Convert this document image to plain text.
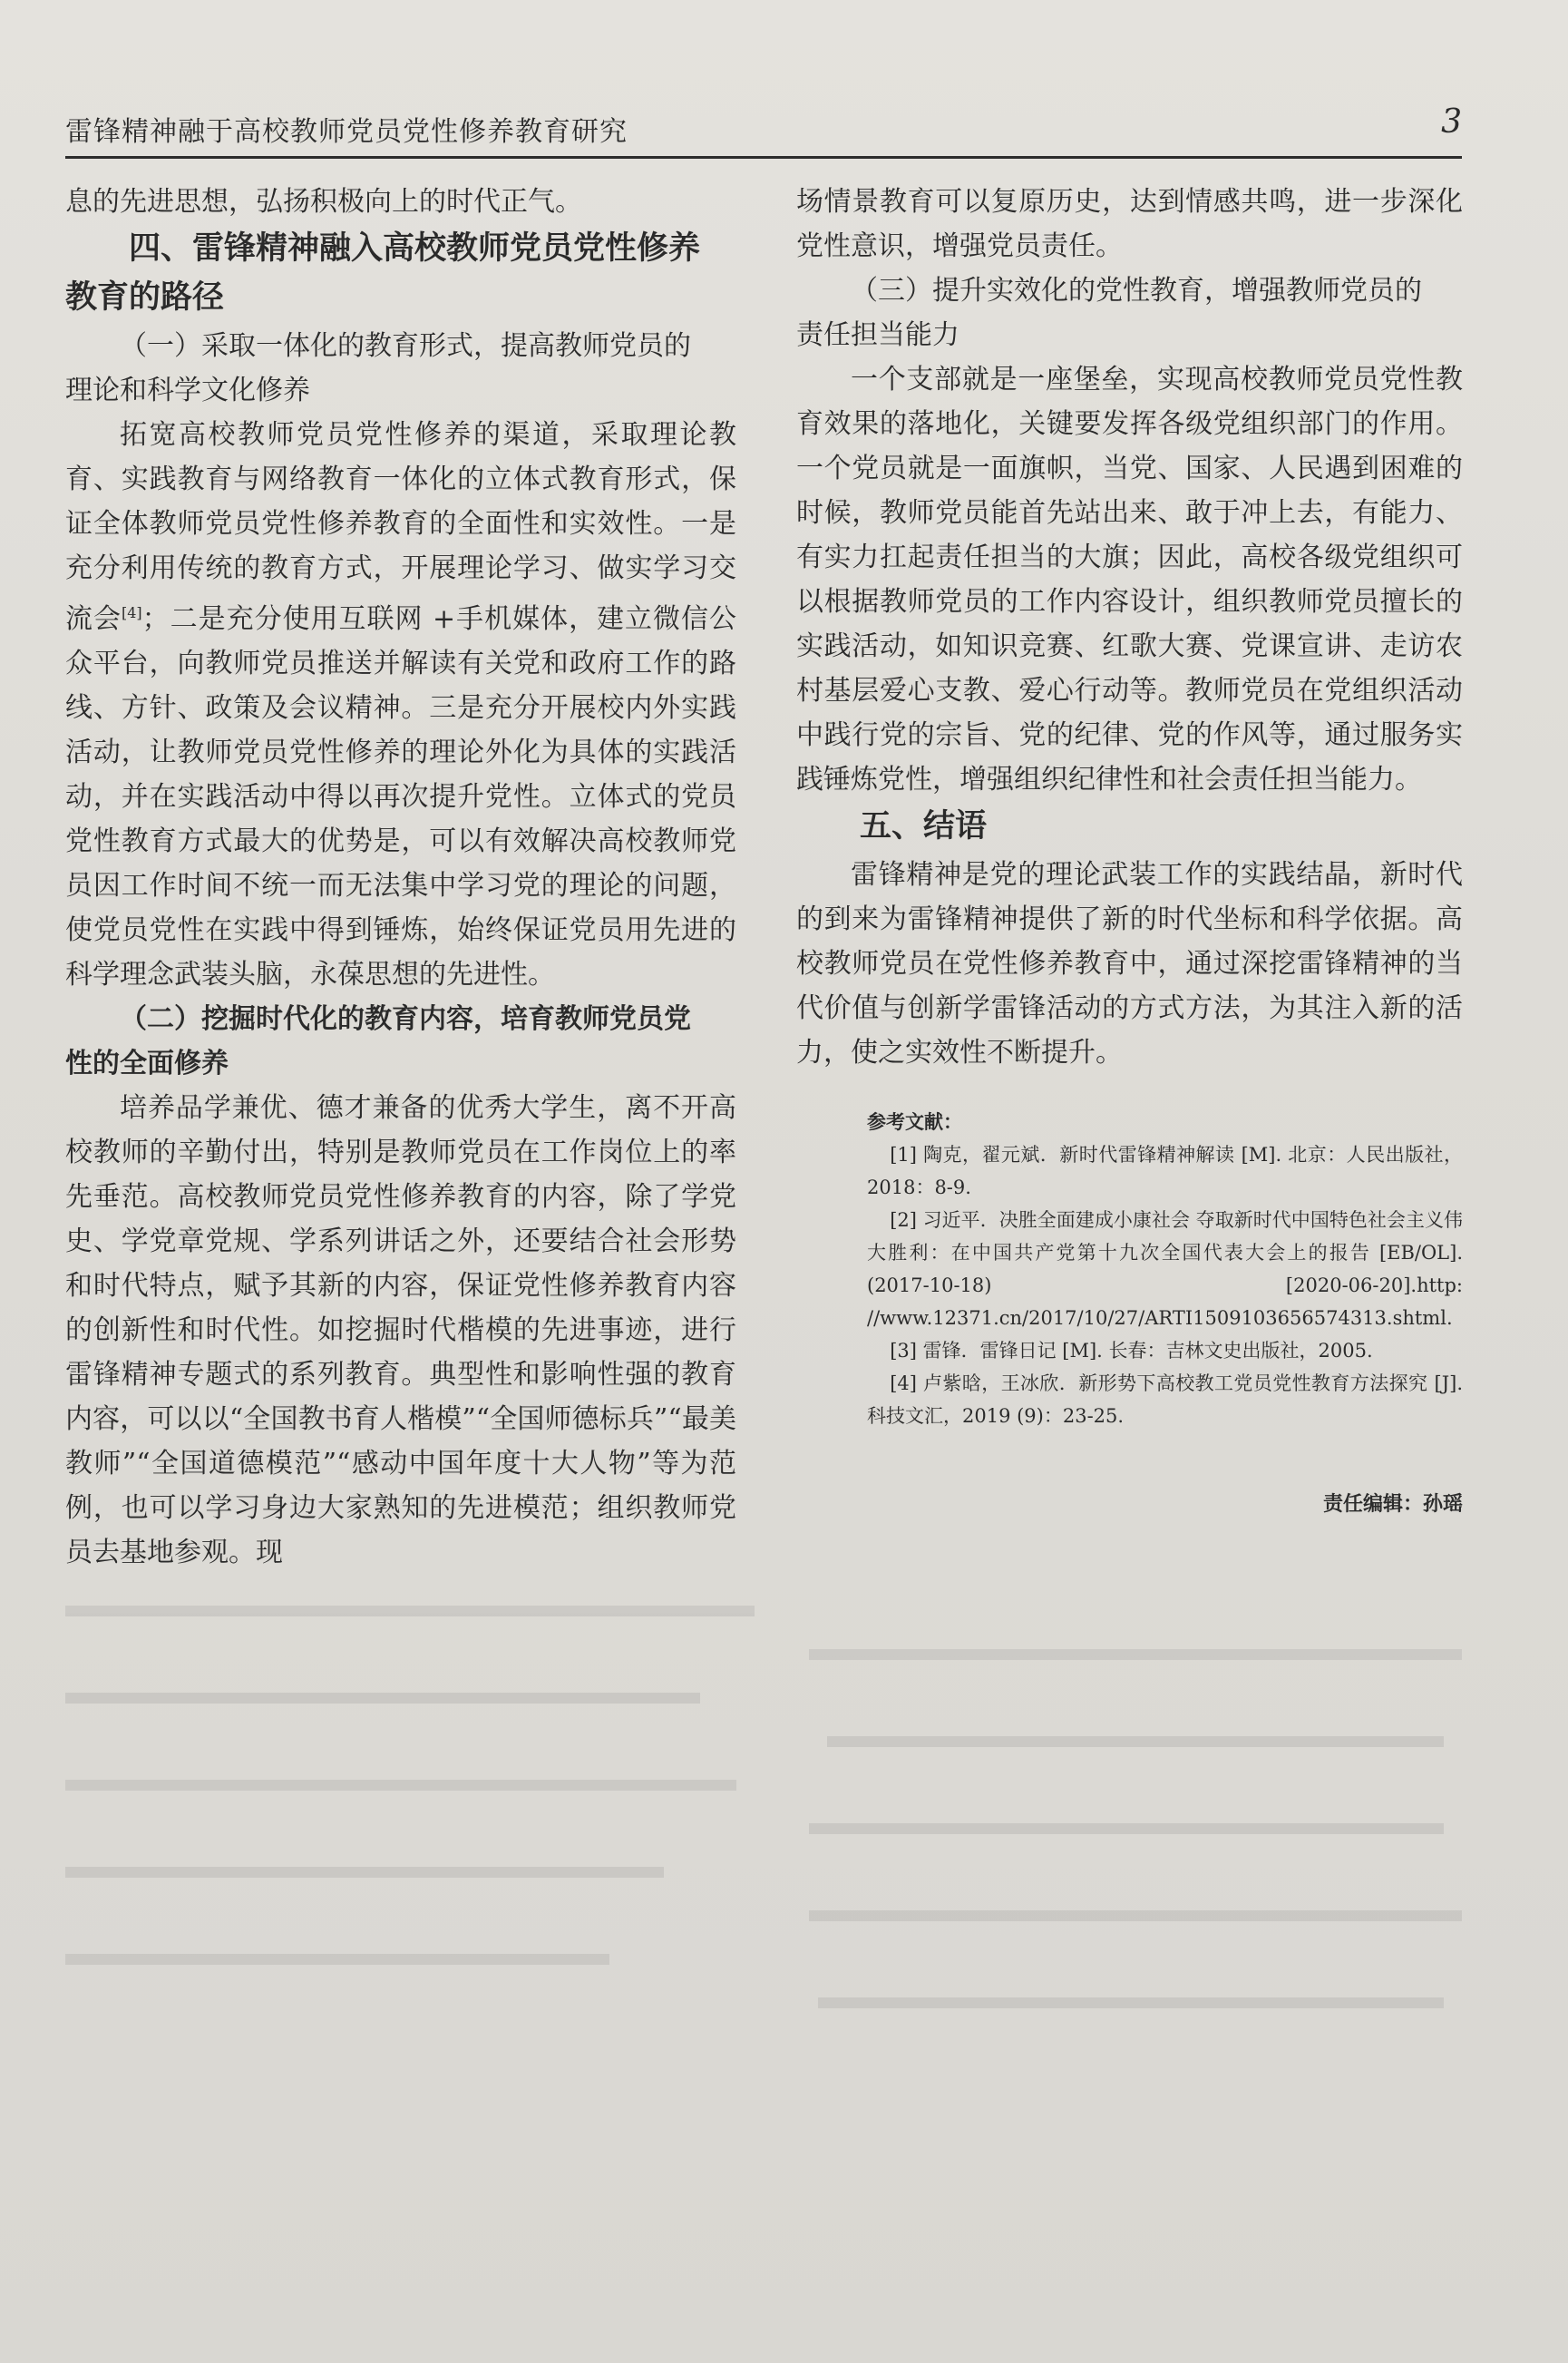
雷锋精神融于高校教师党员党性修养教育研究	3

息的先进思想，弘扬积极向上的时代正气。

四、雷锋精神融入高校教师党员党性修养

教育的路径

（一）采取一体化的教育形式，提高教师党员的

理论和科学文化修养

拓宽高校教师党员党性修养的渠道，采取理论教育、实践教育与网络教育一体化的立体式教育形式，保证全体教师党员党性修养教育的全面性和实效性。一是充分利用传统的教育方式，开展理论学习、做实学习交流会[4]；二是充分使用互联网 +手机媒体，建立微信公众平台，向教师党员推送并解读有关党和政府工作的路线、方针、政策及会议精神。三是充分开展校内外实践活动，让教师党员党性修养的理论外化为具体的实践活动，并在实践活动中得以再次提升党性。立体式的党员党性教育方式最大的优势是，可以有效解决高校教师党员因工作时间不统一而无法集中学习党的理论的问题，使党员党性在实践中得到锤炼，始终保证党员用先进的科学理念武装头脑，永葆思想的先进性。

（二）挖掘时代化的教育内容，培育教师党员党

性的全面修养

培养品学兼优、德才兼备的优秀大学生，离不开高校教师的辛勤付出，特别是教师党员在工作岗位上的率先垂范。高校教师党员党性修养教育的内容，除了学党史、学党章党规、学系列讲话之外，还要结合社会形势和时代特点，赋予其新的内容，保证党性修养教育内容的创新性和时代性。如挖掘时代楷模的先进事迹，进行雷锋精神专题式的系列教育。典型性和影响性强的教育内容，可以以“全国教书育人楷模”“全国师德标兵”“最美教师”“全国道德模范”“感动中国年度十大人物”等为范例，也可以学习身边大家熟知的先进模范；组织教师党员去基地参观。现

场情景教育可以复原历史，达到情感共鸣，进一步深化党性意识，增强党员责任。

（三）提升实效化的党性教育，增强教师党员的

责任担当能力

一个支部就是一座堡垒，实现高校教师党员党性教育效果的落地化，关键要发挥各级党组织部门的作用。一个党员就是一面旗帜，当党、国家、人民遇到困难的时候，教师党员能首先站出来、敢于冲上去，有能力、有实力扛起责任担当的大旗；因此，高校各级党组织可以根据教师党员的工作内容设计，组织教师党员擅长的实践活动，如知识竞赛、红歌大赛、党课宣讲、走访农村基层爱心支教、爱心行动等。教师党员在党组织活动中践行党的宗旨、党的纪律、党的作风等，通过服务实践锤炼党性，增强组织纪律性和社会责任担当能力。

五、结语

雷锋精神是党的理论武装工作的实践结晶，新时代的到来为雷锋精神提供了新的时代坐标和科学依据。高校教师党员在党性修养教育中，通过深挖雷锋精神的当代价值与创新学雷锋活动的方式方法，为其注入新的活力，使之实效性不断提升。

参考文献：

[1] 陶克，翟元斌．新时代雷锋精神解读 [M]. 北京：人民出版社，2018：8-9.

[2] 习近平．决胜全面建成小康社会 夺取新时代中国特色社会主义伟大胜利：在中国共产党第十九次全国代表大会上的报告 [EB/OL]. (2017-10-18) [2020-06-20].http: //www.12371.cn/2017/10/27/ARTI1509103656574313.shtml.

[3] 雷锋．雷锋日记 [M]. 长春：吉林文史出版社，2005.

[4] 卢紫晗，王冰欣．新形势下高校教工党员党性教育方法探究 [J]. 科技文汇，2019 (9)：23-25.

责任编辑：孙瑶
